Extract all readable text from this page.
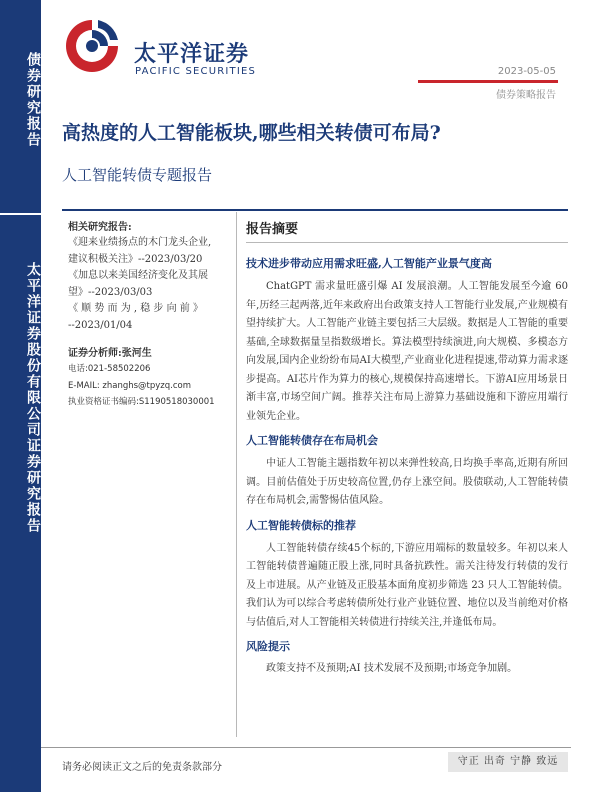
债券研究报告
太平洋证券股份有限公司证券研究报告
太平洋证券
PACIFIC SECURITIES	2023-05-05
债券策略报告
高热度的人工智能板块,哪些相关转债可布局?
人工智能转债专题报告
相关研究报告:
《迎来业绩扬点的木门龙头企业,
建议积极关注》--2023/03/20
《加息以来美国经济变化及其展
望》--2023/03/03
《 顺 势 而 为 , 稳 步 向 前 》
--2023/01/04
证券分析师:张河生
电话:021-58502206
E-MAIL: zhanghs@tpyzq.com
执业资格证书编码:S1190518030001
报告摘要
技术进步带动应用需求旺盛,人工智能产业景气度高
ChatGPT 需求量旺盛引爆 AI 发展浪潮。人工智能发展至今逾 60 年,历经三起两落,近年来政府出台政策支持人工智能行业发展,产业规模有望持续扩大。人工智能产业链主要包括三大层级。数据是人工智能的重要基础,全球数据量呈指数级增长。算法模型持续演进,向大规模、多模态方向发展,国内企业纷纷布局AI大模型,产业商业化进程提速,带动算力需求逐步提高。AI芯片作为算力的核心,规模保持高速增长。下游AI应用场景日渐丰富,市场空间广阔。推荐关注布局上游算力基础设施和下游应用端行业领先企业。
人工智能转债存在布局机会
中证人工智能主题指数年初以来弹性较高,日均换手率高,近期有所回调。目前估值处于历史较高位置,仍存上涨空间。股债联动,人工智能转债存在布局机会,需警惕估值风险。
人工智能转债标的推荐
人工智能转债存续45个标的,下游应用端标的数量较多。年初以来人工智能转债普遍随正股上涨,同时具备抗跌性。需关注待发行转债的发行及上市进展。从产业链及正股基本面角度初步筛选 23 只人工智能转债。我们认为可以综合考虑转债所处行业产业链位置、地位以及当前绝对价格与估值后,对人工智能相关转债进行持续关注,并逢低布局。
风险提示
政策支持不及预期;AI 技术发展不及预期;市场竞争加剧。
请务必阅读正文之后的免责条款部分
守正 出奇 宁静 致远
